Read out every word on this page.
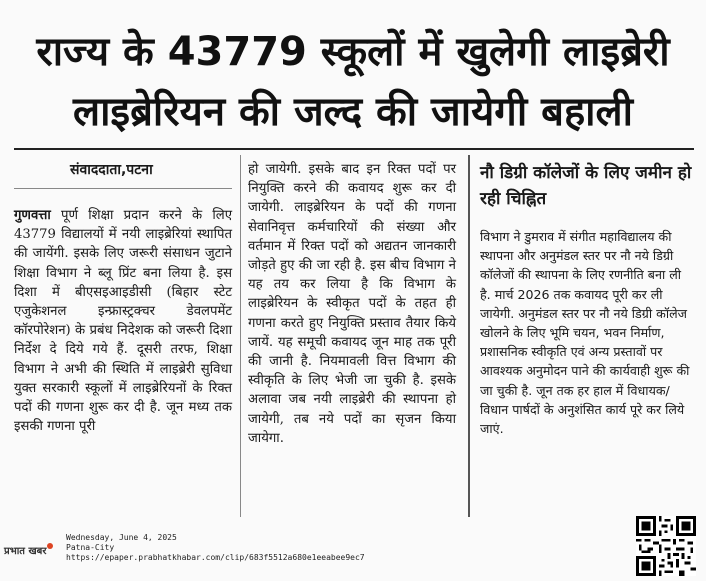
राज्य के 43779 स्कूलों में खुलेगी लाइब्रेरी
लाइब्रेरियन की जल्द की जायेगी बहाली
संवाददाता,पटना
गुणवत्ता पूर्ण शिक्षा प्रदान करने के लिए 43779 विद्यालयों में नयी लाइब्रेरियां स्थापित की जायेंगी. इसके लिए जरूरी संसाधन जुटाने शिक्षा विभाग ने ब्लू प्रिंट बना लिया है. इस दिशा में बीएसइआइडीसी (बिहार स्टेट एजुकेशनल इन्फ्रास्ट्रक्चर डेवलपमेंट कॉरपोरेशन) के प्रबंध निदेशक को जरूरी दिशा निर्देश दे दिये गये हैं. दूसरी तरफ, शिक्षा विभाग ने अभी की स्थिति में लाइब्रेरी सुविधा युक्त सरकारी स्कूलों में लाइब्रेरियनों के रिक्त पदों की गणना शुरू कर दी है. जून मध्य तक इसकी गणना पूरी
हो जायेगी. इसके बाद इन रिक्त पदों पर नियुक्ति करने की कवायद शुरू कर दी जायेगी. लाइब्रेरियन के पदों की गणना सेवानिवृत्त कर्मचारियों की संख्या और वर्तमान में रिक्त पदों को अद्यतन जानकारी जोड़ते हुए की जा रही है. इस बीच विभाग ने यह तय कर लिया है कि विभाग के लाइब्रेरियन के स्वीकृत पदों के तहत ही गणना करते हुए नियुक्ति प्रस्ताव तैयार किये जायें. यह समूची कवायद जून माह तक पूरी की जानी है. नियमावली वित्त विभाग की स्वीकृति के लिए भेजी जा चुकी है. इसके अलावा जब नयी लाइब्रेरी की स्थापना हो जायेगी, तब नये पदों का सृजन किया जायेगा.
नौ डिग्री कॉलेजों के लिए जमीन हो रही चिह्नित
विभाग ने डुमराव में संगीत महाविद्यालय की स्थापना और अनुमंडल स्तर पर नौ नये डिग्री कॉलेजों की स्थापना के लिए रणनीति बना ली है. मार्च 2026 तक कवायद पूरी कर ली जायेगी. अनुमंडल स्तर पर नौ नये डिग्री कॉलेज खोलने के लिए भूमि चयन, भवन निर्माण, प्रशासनिक स्वीकृति एवं अन्य प्रस्तावों पर आवश्यक अनुमोदन पाने की कार्यवाही शुरू की जा चुकी है. जून तक हर हाल में विधायक/विधान पार्षदों के अनुशंसित कार्य पूरे कर लिये जाएं.
प्रभात खबर
Wednesday, June 4, 2025
Patna-City
https://epaper.prabhatkhabar.com/clip/683f5512a680e1eeabee9ec7
